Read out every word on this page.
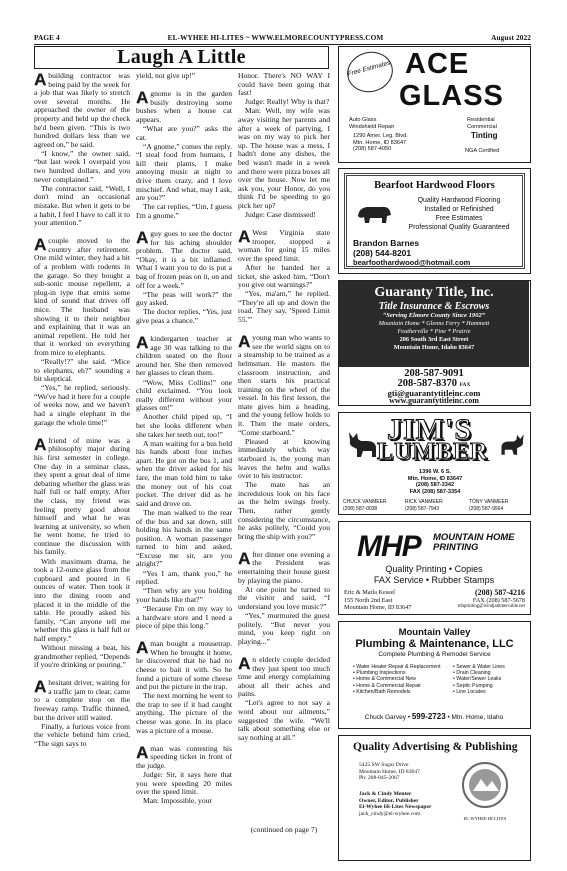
PAGE 4	EL-WYHEE HI-LITES ~ WWW.ELMORECOUNTYPRESS.COM	August 2022
Laugh A Little

A building contractor was being paid by the week for a job that was likely to stretch over several months. He approached the owner of the property and held up the check he'd been given. “This is two hundred dollars less than we agreed on,” he said.

“I know,” the owner said, “but last week I overpaid you two hundred dollars, and you never complained.”

The contractor said, “Well, I don't mind an occasional mistake. But when it gets to be a habit, I feel I have to call it to your attention.”

A couple moved to the country after retirement. One mild winter, they had a bit of a problem with rodents in the garage. So they bought a sub-sonic mouse repellent, a plug-in type that emits some kind of sound that drives off mice. The husband was showing it to their neighbor and explaining that it was an animal repellent. He told her that it worked on everything from mice to elephants.

“Really!?” she said. “Mice to elephants, eh?” sounding a bit skeptical.

“Yes,” he replied, seriously. “We've had it here for a couple of weeks now, and we haven't had a single elephant in the garage the whole time!”

A friend of mine was a philosophy major during his first semester in college. One day in a seminar class, they spent a great deal of time debating whether the glass was half full or half empty. After the class, my friend was feeling pretty good about himself and what he was learning at university, so when he went home, he tried to continue the discussion with his family.

With maximum drama, he took a 12-ounce glass from the cupboard and poured in 6 ounces of water. Then took it into the dining room and placed it in the middle of the table. He proudly asked his family, “Can anyone tell me whether this glass is half full or half empty.”

Without missing a beat, his grandmother replied, “Depends if you're drinking or pouring.”

A hesitant driver, waiting for a traffic jam to clear, came to a complete stop on the freeway ramp. Traffic thinned, but the driver still waited.

Finally, a furious voice from the vehicle behind him cried, “The sign says to

yield, not give up!”

A gnome is in the garden busily destroying some bushes when a house cat appears.

“What are you?” asks the cat.

“A gnome,” comes the reply. “I steal food from humans, I kill their plants, I make annoying music at night to drive them crazy, and I love mischief. And what, may I ask, are you?”

The cat replies, “Um, I guess I'm a gnome.”

A guy goes to see the doctor for his aching shoulder problem. The doctor said, “Okay, it is a bit inflamed. What I want you to do is put a bag of frozen peas on it, on and off for a week.”

“The peas will work?” the guy asked.

The doctor replies, “Yes, just give peas a chance.”

A kindergarten teacher at age 30 was talking to the children seated on the floor around her. She then removed her glasses to clean them.

“Wow, Miss Collins!” one child exclaimed. “You look really different without your glasses on!”

Another child piped up, “I bet she looks different when she takes her teeth out, too!”

A man waiting for a bus held his hands about four inches apart. He got on the bus 1, and when the driver asked for his fare, the man told him to take the money out of his coat pocket. The driver did as he said and drove on.

The man walked to the rear of the bus and sat down, still holding his hands in the same position. A woman passenger turned to him and asked, “Excuse me sir, are you alright?”

“Yes I am, thank you,” he replied.

“Then why are you holding your hands like that?”

“Because I'm on my way to a hardware store and I need a piece of pipe this long.”

A man bought a mousetrap. When he brought it home, he discovered that he had no cheese to bait it with. So he found a picture of some cheese and put the picture in the trap.

The next morning he went to the trap to see if it had caught anything. The picture of the cheese was gone. In its place was a picture of a mouse.

A man was contesting his speeding ticket in front of the judge.

Judge: Sir, it says here that you were speeding 20 miles over the speed limit.

Man: Impossible, your

Honor. There's NO WAY I could have been going that fast!

Judge: Really! Why is that?

Man: Well, my wife was away visiting her parents and after a week of partying, I was on my way to pick her up. The house was a mess, I hadn't done any dishes, the bed wasn't made in a week and there were pizza boxes all over the house. Now let me ask you, your Honor, do you think I'd be speeding to go pick her up?

Judge: Case dismissed!

A West Virginia state trooper, stopped a woman for going 15 miles over the speed limit.

After he handed her a ticket, she asked him, “Don't you give out warnings?”

“Yes, ma'am,” he replied. “They're all up and down the road. They say, 'Speed Limit 55.'”

A young man who wants to see the world signs on to a steamship to be trained as a helmsman. He masters the classroom instruction, and then starts his practical training on the wheel of the vessel. In his first lesson, the mate gives him a heading, and the young fellow holds to it. Then the mate orders, “Come starboard.”

Pleased at knowing immediately which way starboard is, the young man leaves the helm and walks over to his instructor.

The mate has an incredulous look on his face as the helm swings freely. Then, rather gently considering the circumstance, he asks politely, “Could you bring the ship with you?”

After dinner one evening a the President was entertaining their house guest by playing the piano.

At one point he turned to the visitor and said, “I understand you love music?”

“Yes,” murmured the guest politely. “But never you mind, you keep right on playing...”

An elderly couple decided they just spent too much time and energy complaining about all their aches and pains.

“Let's agree to not say a word about our ailments,” suggested the wife. “We'll talk about something else or say nothing at all.”

(continued on page 7)
Free Estimates ACE
GLASS
Auto Glass
Windshield Repair
Residential
Commercial
1290 Amer. Leg. Blvd.
Mtn. Home, ID 83647
(208) 587-4050
Tinting
NGA Certified
Bearfoot Hardwood Floors
Quality Hardwood Flooring
Installed or Refinished
Free Estimates
Professional Quality Guaranteed
Brandon Barnes
(208) 544-8201
bearfoothardwood@hotmail.com
Guaranty Title, Inc.
Title Insurance & Escrows
“Serving Elmore County Since 1902”
Mountain Home * Glenns Ferry * Hammett
Featherville * Pine * Prairie
206 South 3rd East Street
Mountain Home, Idaho 83647
208-587-9091
208-587-8370 FAX
gti@guarantytitleinc.com
www.guarantytitleinc.com
JIM'S
LUMBER
1396 W. 6 S.
Mtn. Home, ID 83647
(208) 587-3342
FAX (208) 587-3354
CHUCK VANMEER
(208) 587-0038
RICK VANMEER
(208) 587-7943
TONY VANMEER
(208) 587-9564
MHP MOUNTAIN HOME
PRINTING
Quality Printing • Copies
FAX Service • Rubber Stamps
Eric & Marla Kessel
155 North 2nd East
Mountain Home, ID 83647
(208) 587-4216
FAX (208) 587-5678
mhprinting@windjammercable.net
Mountain Valley
Plumbing & Maintenance, LLC
Complete Plumbing & Remodel Service
• Water Heater Repair & Replacement
• Plumbing Inspections
• Home & Commercial New
• Home & Commercial Repair
• Kitchen/Bath Remodels
• Sewer & Water Lines
• Drain Cleaning
• Water/Sewer Leaks
• Septic Pumping
• Line Locates
Chuck Garvey • 599-2723 • Mtn. Home, Idaho
Quality Advertising & Publishing
5425 SW Sugar Drive
Mountain Home, ID 83647
Ph: 208-845-2067
Jack & Cindy Menter
Owner, Editor, Publisher
El-Wyhee Hi-Lites Newspaper
jack_cindy@el-wyhee.com
EL-WYHEE HI-LITES
